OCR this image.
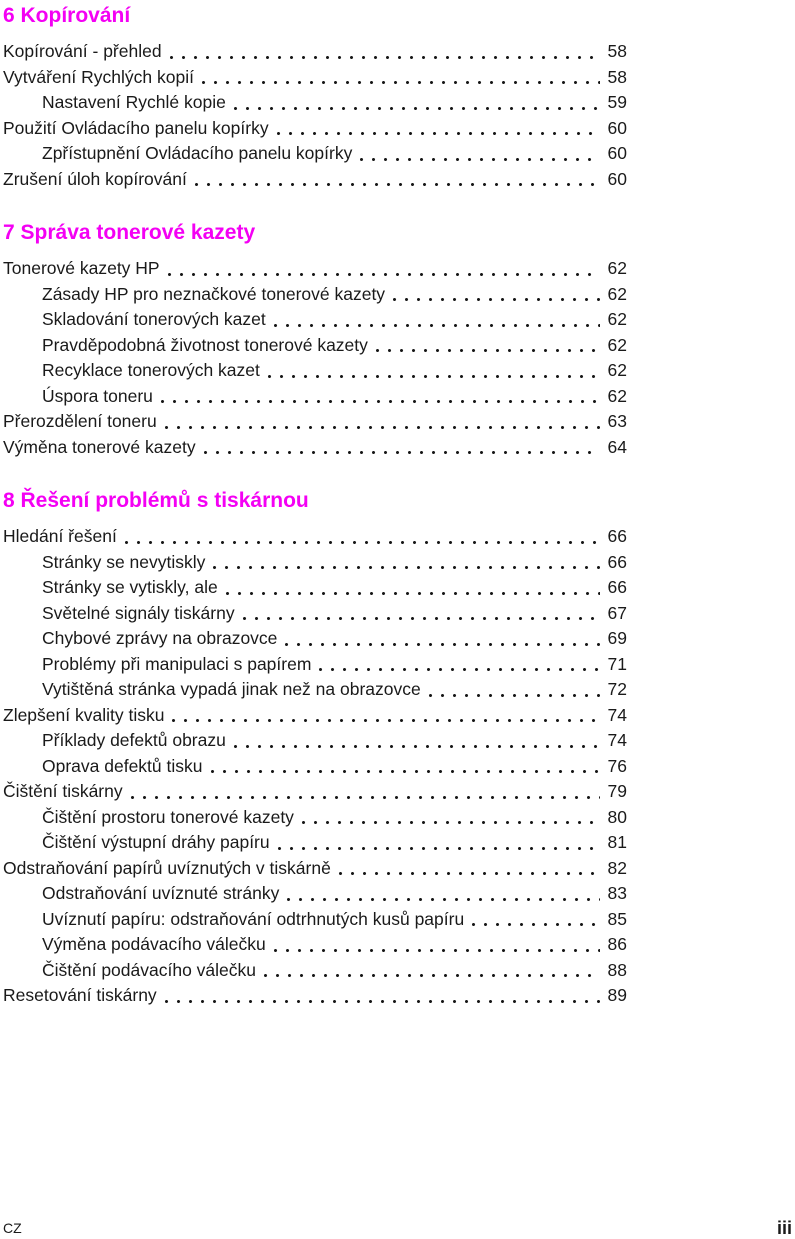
6 Kopírování
Kopírování - přehled	58
Vytváření Rychlých kopií	58
Nastavení Rychlé kopie	59
Použití Ovládacího panelu kopírky	60
Zpřístupnění Ovládacího panelu kopírky	60
Zrušení úloh kopírování	60
7 Správa tonerové kazety
Tonerové kazety HP	62
Zásady HP pro neznačkové tonerové kazety	62
Skladování tonerových kazet	62
Pravděpodobná životnost tonerové kazety	62
Recyklace tonerových kazet	62
Úspora toneru	62
Přerozdělení toneru	63
Výměna tonerové kazety	64
8 Řešení problémů s tiskárnou
Hledání řešení	66
Stránky se nevytiskly	66
Stránky se vytiskly, ale	66
Světelné signály tiskárny	67
Chybové zprávy na obrazovce	69
Problémy při manipulaci s papírem	71
Vytištěná stránka vypadá jinak než na obrazovce	72
Zlepšení kvality tisku	74
Příklady defektů obrazu	74
Oprava defektů tisku	76
Čištění tiskárny	79
Čištění prostoru tonerové kazety	80
Čištění výstupní dráhy papíru	81
Odstraňování papírů uvíznutých v tiskárně	82
Odstraňování uvíznuté stránky	83
Uvíznutí papíru: odstraňování odtrhnutých kusů papíru	85
Výměna podávacího válečku	86
Čištění podávacího válečku	88
Resetování tiskárny	89
CZ	iii
